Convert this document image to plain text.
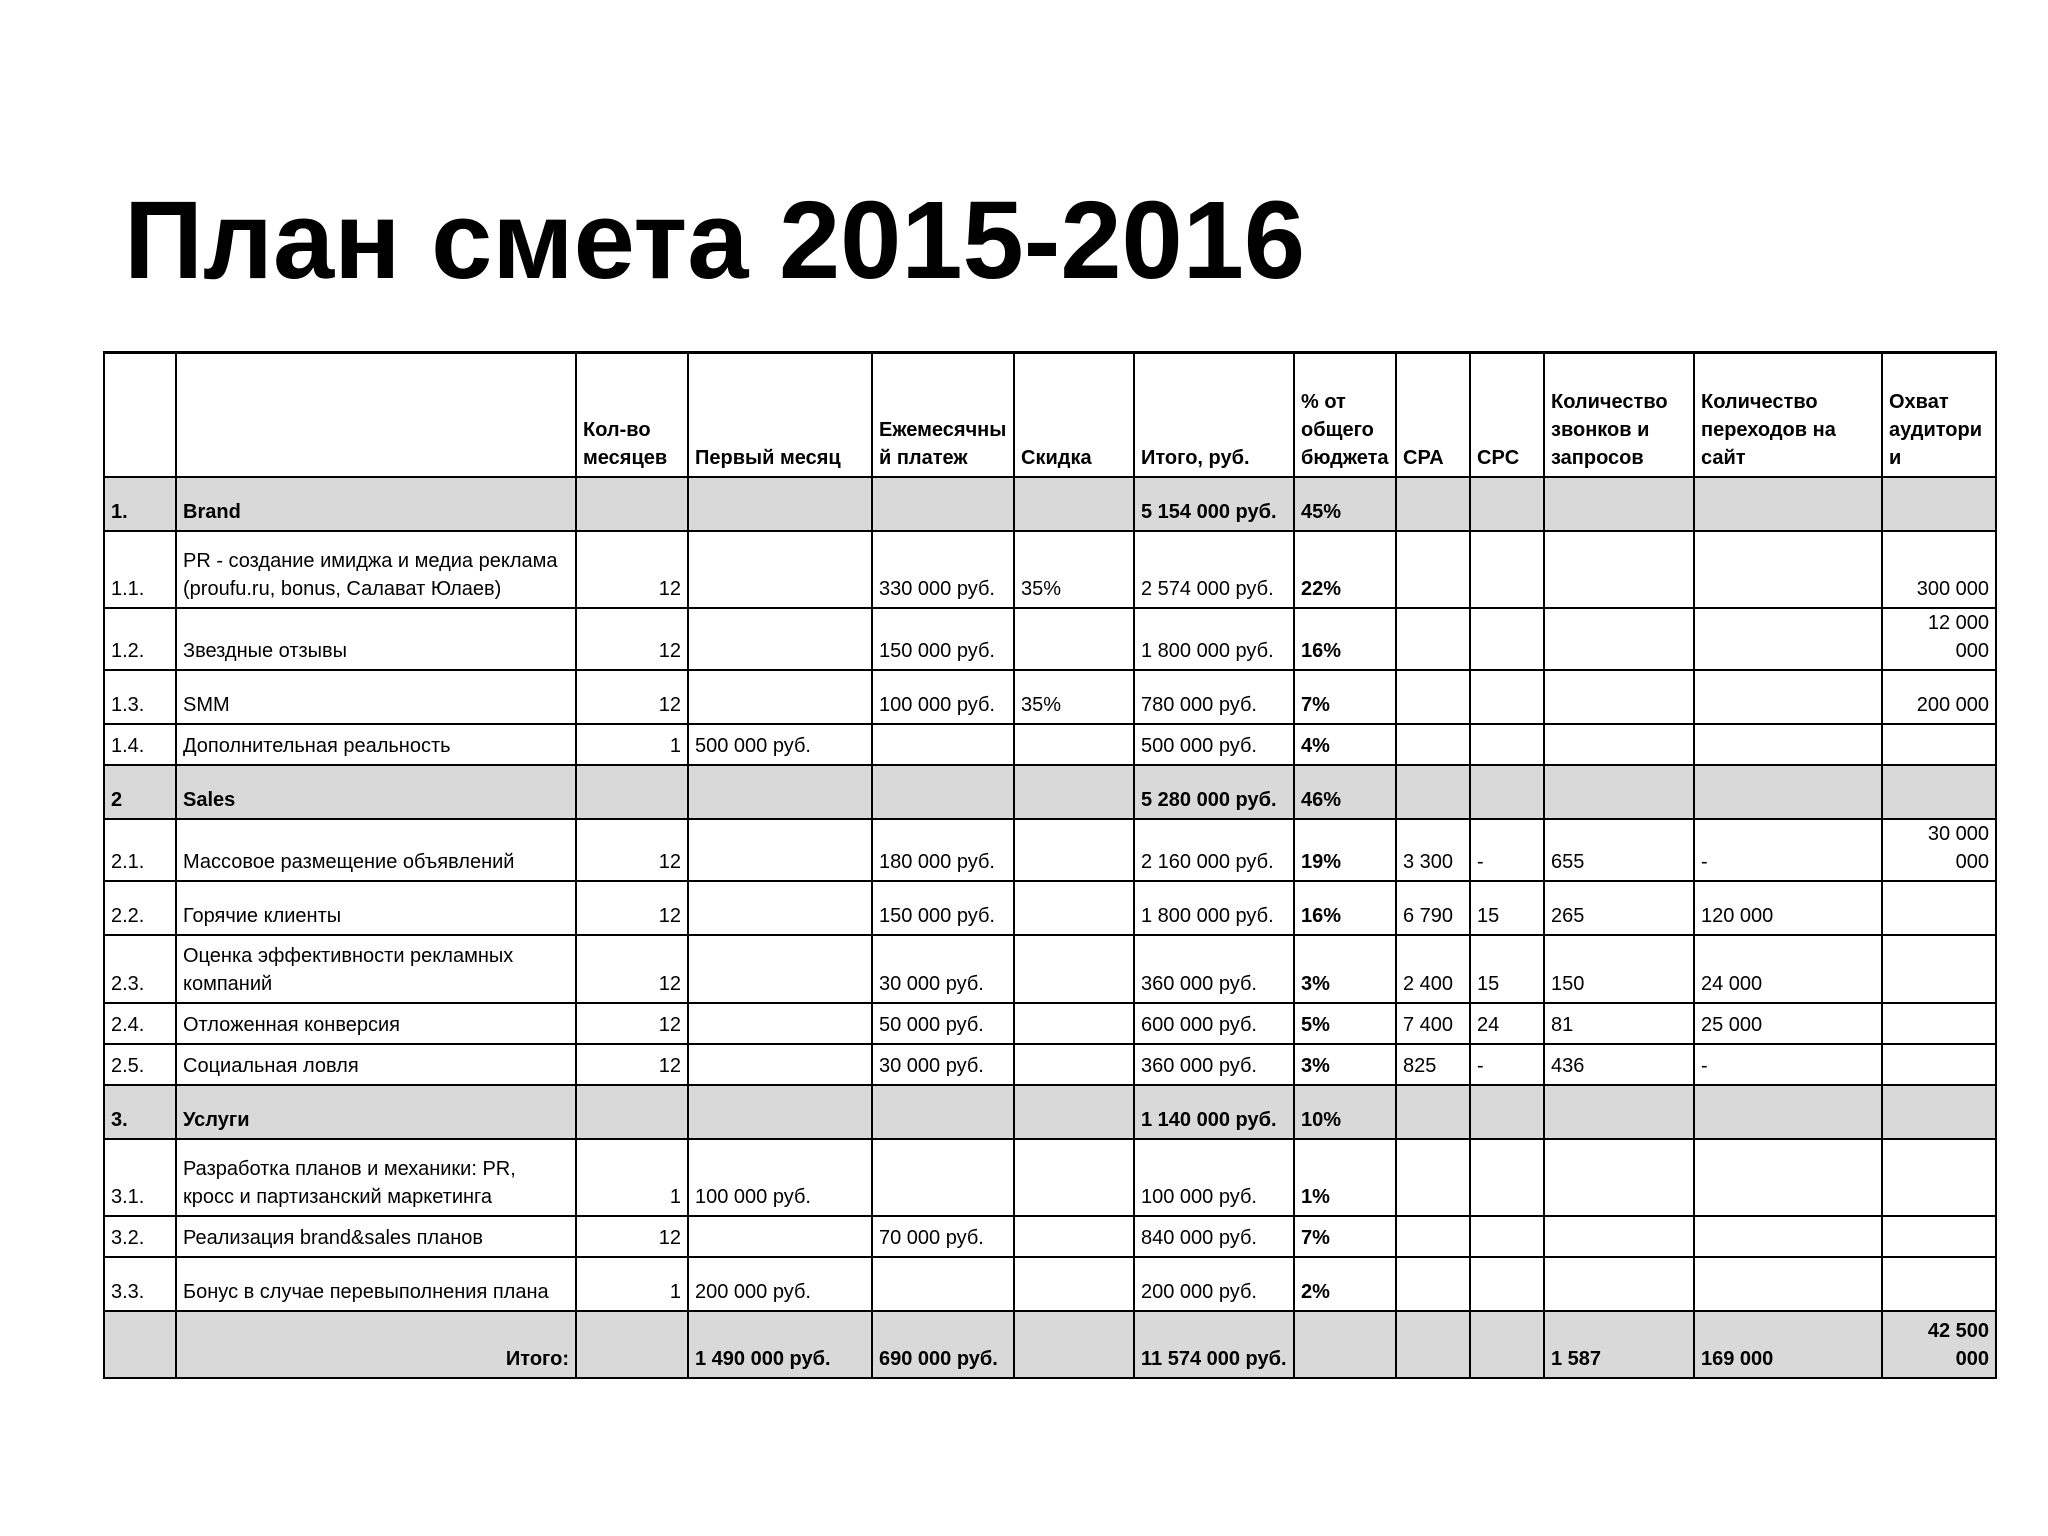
План смета 2015-2016
		Кол-во месяцев	Первый месяц	Ежемесячный платеж	Скидка	Итого, руб.	% от общего бюджета	CPA	CPC	Количество звонков и запросов	Количество переходов на сайт	Охват аудитории
1.	Brand					5 154 000 руб.	45%					
1.1.	PR - создание имиджа и медиа реклама (proufu.ru, bonus, Салават Юлаев)	12		330 000 руб.	35%	2 574 000 руб.	22%					300 000
1.2.	Звездные отзывы	12		150 000 руб.		1 800 000 руб.	16%					12 000 000
1.3.	SMM	12		100 000 руб.	35%	780 000 руб.	7%					200 000
1.4.	Дополнительная реальность	1	500 000 руб.			500 000 руб.	4%					
2	Sales					5 280 000 руб.	46%					
2.1.	Массовое размещение объявлений	12		180 000 руб.		2 160 000 руб.	19%	3 300	-	655	-	30 000 000
2.2.	Горячие клиенты	12		150 000 руб.		1 800 000 руб.	16%	6 790	15	265	120 000	
2.3.	Оценка эффективности рекламных компаний	12		30 000 руб.		360 000 руб.	3%	2 400	15	150	24 000	
2.4.	Отложенная конверсия	12		50 000 руб.		600 000 руб.	5%	7 400	24	81	25 000	
2.5.	Социальная ловля	12		30 000 руб.		360 000 руб.	3%	825	-	436	-	
3.	Услуги					1 140 000 руб.	10%					
3.1.	Разработка планов и механики: PR, кросс и партизанский маркетинга	1	100 000 руб.			100 000 руб.	1%					
3.2.	Реализация brand&sales планов	12		70 000 руб.		840 000 руб.	7%					
3.3.	Бонус в случае перевыполнения плана	1	200 000 руб.			200 000 руб.	2%					
	Итого:		1 490 000 руб.	690 000 руб.		11 574 000 руб.				1 587	169 000	42 500 000
